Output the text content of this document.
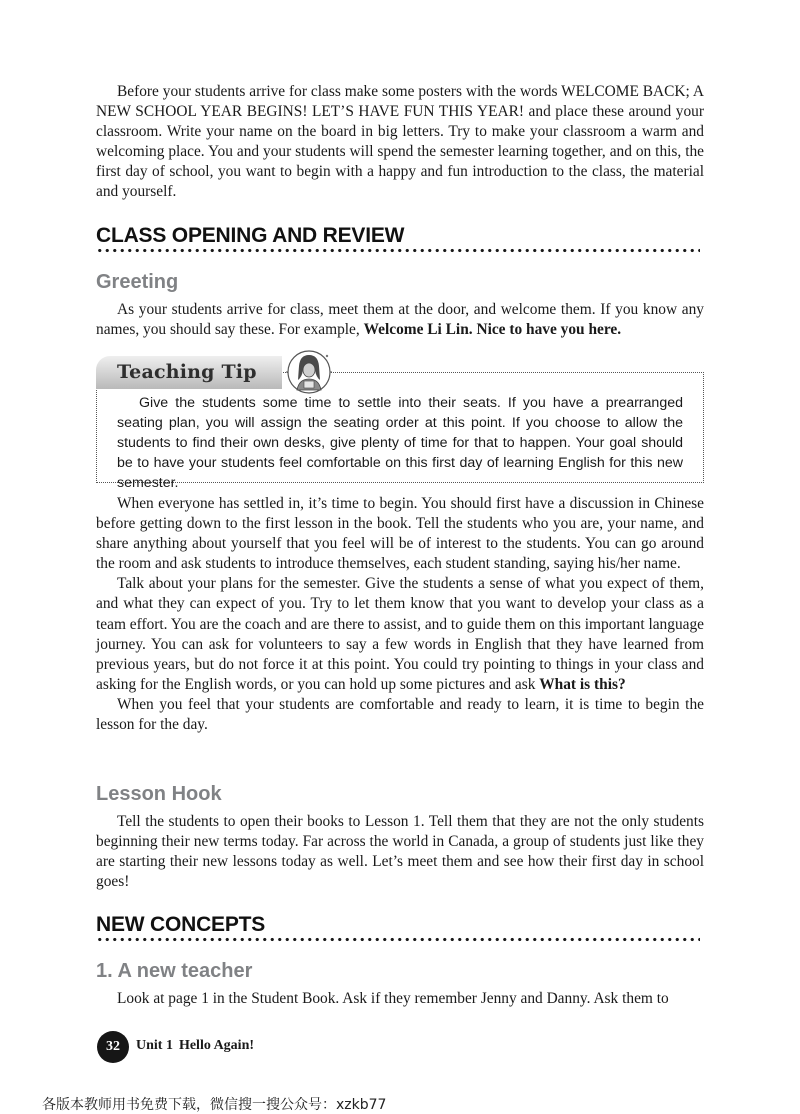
Before your students arrive for class make some posters with the words WELCOME BACK; A NEW SCHOOL YEAR BEGINS! LET’S HAVE FUN THIS YEAR! and place these around your classroom. Write your name on the board in big letters. Try to make your classroom a warm and welcoming place. You and your students will spend the semester learning together, and on this, the first day of school, you want to begin with a happy and fun introduction to the class, the material and yourself.

CLASS OPENING AND REVIEW
Greeting

As your students arrive for class, meet them at the door, and welcome them. If you know any names, you should say these. For example, Welcome Li Lin. Nice to have you here.

Teaching Tip

Give the students some time to settle into their seats. If you have a prearranged seating plan, you will assign the seating order at this point. If you choose to allow the students to find their own desks, give plenty of time for that to happen. Your goal should be to have your students feel comfortable on this first day of learning English for this new semester.

When everyone has settled in, it’s time to begin. You should first have a discussion in Chinese before getting down to the first lesson in the book. Tell the students who you are, your name, and share anything about yourself that you feel will be of interest to the students. You can go around the room and ask students to introduce themselves, each student standing, saying his/her name.

Talk about your plans for the semester. Give the students a sense of what you expect of them, and what they can expect of you. Try to let them know that you want to develop your class as a team effort. You are the coach and are there to assist, and to guide them on this important language journey. You can ask for volunteers to say a few words in English that they have learned from previous years, but do not force it at this point. You could try pointing to things in your class and asking for the English words, or you can hold up some pictures and ask What is this?

When you feel that your students are comfortable and ready to learn, it is time to begin the lesson for the day.

Lesson Hook

Tell the students to open their books to Lesson 1. Tell them that they are not the only students beginning their new terms today. Far across the world in Canada, a group of students just like they are starting their new lessons today as well. Let’s meet them and see how their first day in school goes!

NEW CONCEPTS
1. A new teacher

Look at page 1 in the Student Book. Ask if they remember Jenny and Danny. Ask them to

32 Unit 1 Hello Again!
各版本教师用书免费下载，微信搜一搜公众号：xzkb77
